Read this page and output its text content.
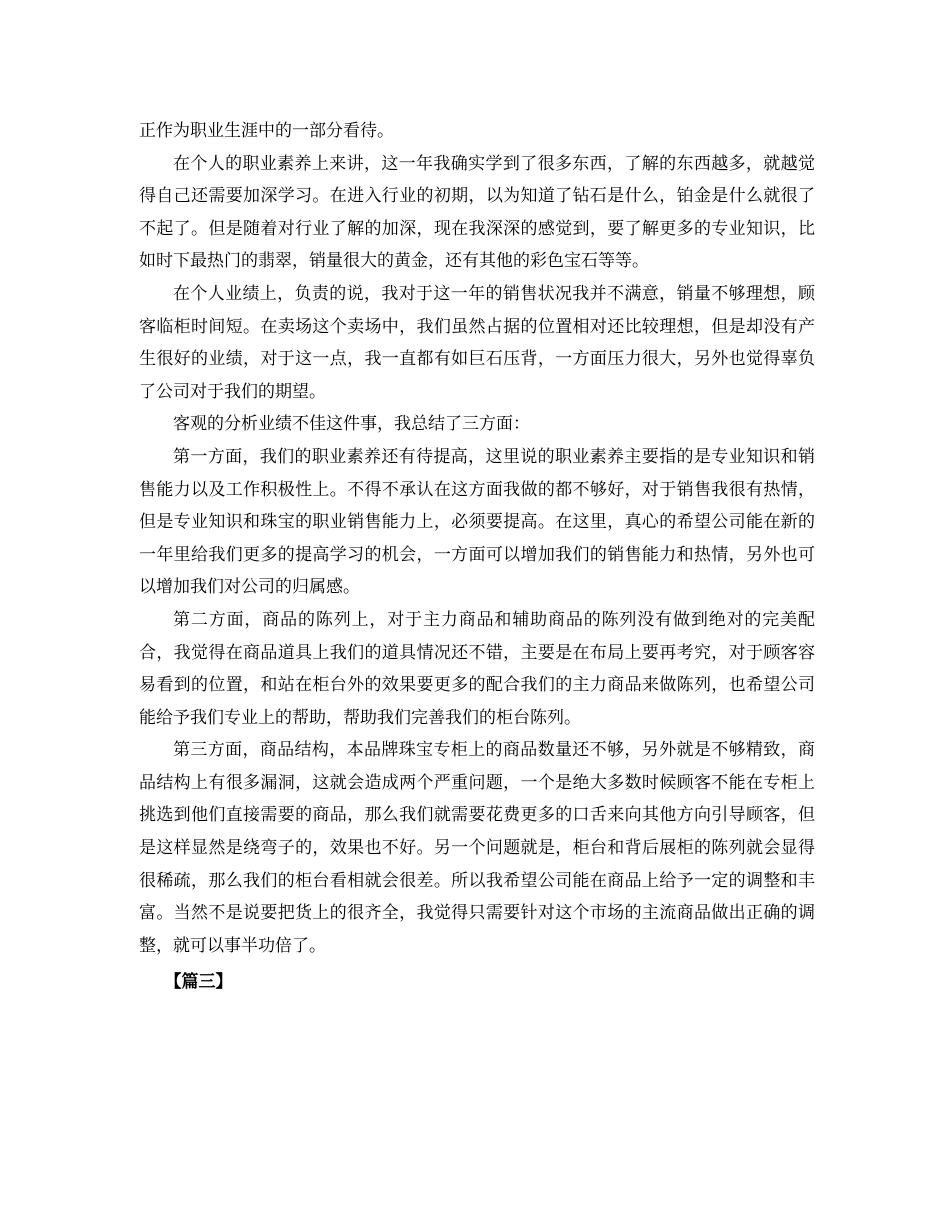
正作为职业生涯中的一部分看待。

在个人的职业素养上来讲，这一年我确实学到了很多东西，了解的东西越多，就越觉得自己还需要加深学习。在进入行业的初期，以为知道了钻石是什么，铂金是什么就很了不起了。但是随着对行业了解的加深，现在我深深的感觉到，要了解更多的专业知识，比如时下最热门的翡翠，销量很大的黄金，还有其他的彩色宝石等等。

在个人业绩上，负责的说，我对于这一年的销售状况我并不满意，销量不够理想，顾客临柜时间短。在卖场这个卖场中，我们虽然占据的位置相对还比较理想，但是却没有产生很好的业绩，对于这一点，我一直都有如巨石压背，一方面压力很大，另外也觉得辜负了公司对于我们的期望。

客观的分析业绩不佳这件事，我总结了三方面：

第一方面，我们的职业素养还有待提高，这里说的职业素养主要指的是专业知识和销售能力以及工作积极性上。不得不承认在这方面我做的都不够好，对于销售我很有热情，但是专业知识和珠宝的职业销售能力上，必须要提高。在这里，真心的希望公司能在新的一年里给我们更多的提高学习的机会，一方面可以增加我们的销售能力和热情，另外也可以增加我们对公司的归属感。

第二方面，商品的陈列上，对于主力商品和辅助商品的陈列没有做到绝对的完美配合，我觉得在商品道具上我们的道具情况还不错，主要是在布局上要再考究，对于顾客容易看到的位置，和站在柜台外的效果要更多的配合我们的主力商品来做陈列，也希望公司能给予我们专业上的帮助，帮助我们完善我们的柜台陈列。

第三方面，商品结构，本品牌珠宝专柜上的商品数量还不够，另外就是不够精致，商品结构上有很多漏洞，这就会造成两个严重问题，一个是绝大多数时候顾客不能在专柜上挑选到他们直接需要的商品，那么我们就需要花费更多的口舌来向其他方向引导顾客，但是这样显然是绕弯子的，效果也不好。另一个问题就是，柜台和背后展柜的陈列就会显得很稀疏，那么我们的柜台看相就会很差。所以我希望公司能在商品上给予一定的调整和丰富。当然不是说要把货上的很齐全，我觉得只需要针对这个市场的主流商品做出正确的调整，就可以事半功倍了。

【篇三】
